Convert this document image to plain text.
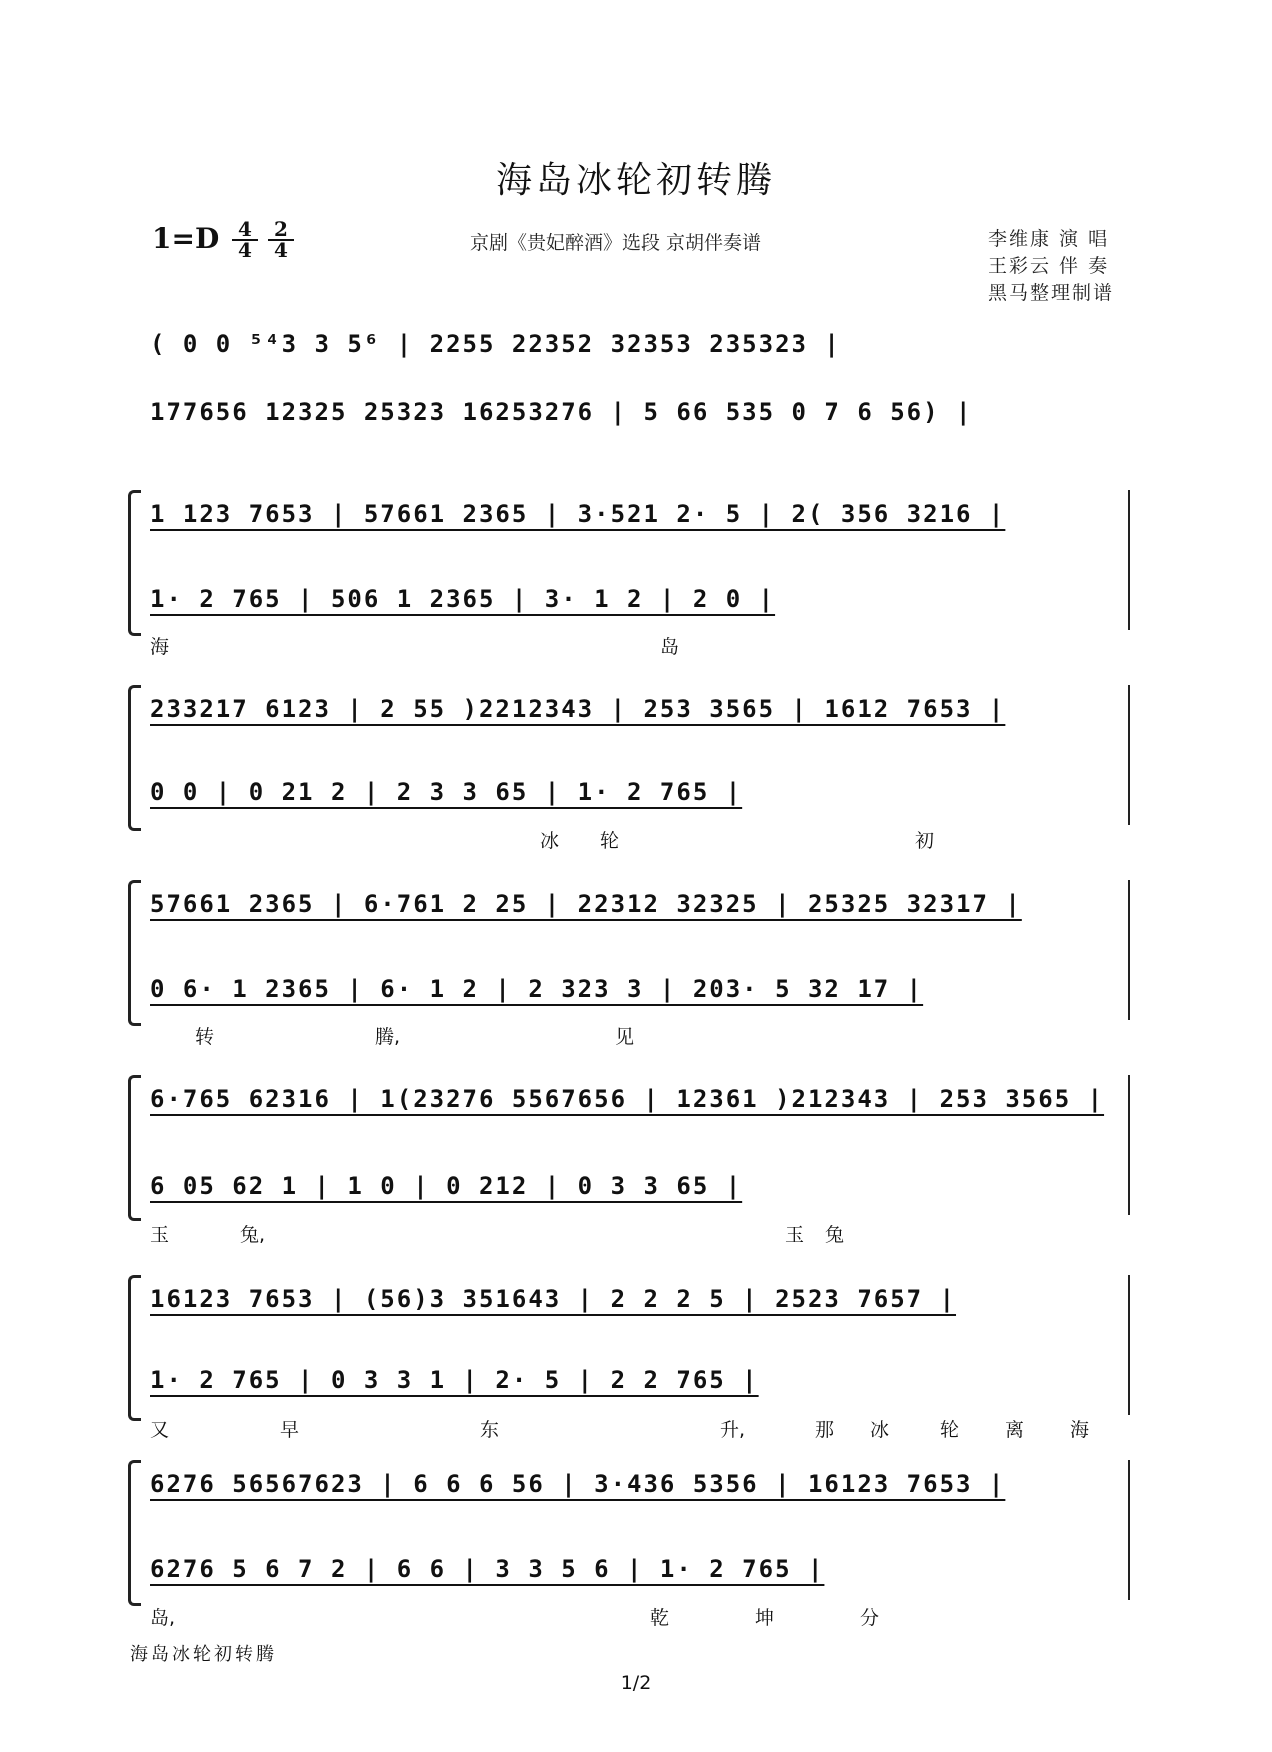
海岛冰轮初转腾
$1=D \frac{4}{4} \frac{2}{4}$	京剧《贵妃醉酒》选段 京胡伴奏谱	李维康 演 唱
王彩云 伴 奏
黑马整理制谱
( 0 0 ⁵⁴3 3 5⁶ | 2255 22352 32353 235323 |
177656 12325 25323 16253276 | 5 66 535 0 7 6 56) |
1 123 7653 | 57661 2365 | 3·521 2· 5 | 2( 356 3216 |
1· 2 765 | 506 1 2365 | 3· 1 2 | 2 0 |
海	岛
233217 6123 | 2 55 )2212343 | 253 3565 | 1612 7653 |
0 0 | 0 21 2 | 2 3 3 65 | 1· 2 765 |
冰 轮	初
57661 2365 | 6·761 2 25 | 22312 32325 | 25325 32317 |
0 6· 1 2365 | 6· 1 2 | 2 323 3 | 203· 5 32 17 |
转	腾,	见
6·765 62316 | 1(23276 5567656 | 12361 )212343 | 253 3565 |
6 05 62 1 | 1 0 | 0 212 | 0 3 3 65 |
玉	兔,	玉 兔
16123 7653 | (56)3 351643 | 2 2 2 5 | 2523 7657 |
1· 2 765 | 0 3 3 1 | 2· 5 | 2 2 765 |
又	早	东	升,	那 冰	轮 离 海
6276 56567623 | 6 6 6 56 | 3·436 5356 | 16123 7653 |
6276 5 6 7 2 | 6 6 | 3 3 5 6 | 1· 2 765 |
岛,	乾	坤	分
海岛冰轮初转腾
1/2
